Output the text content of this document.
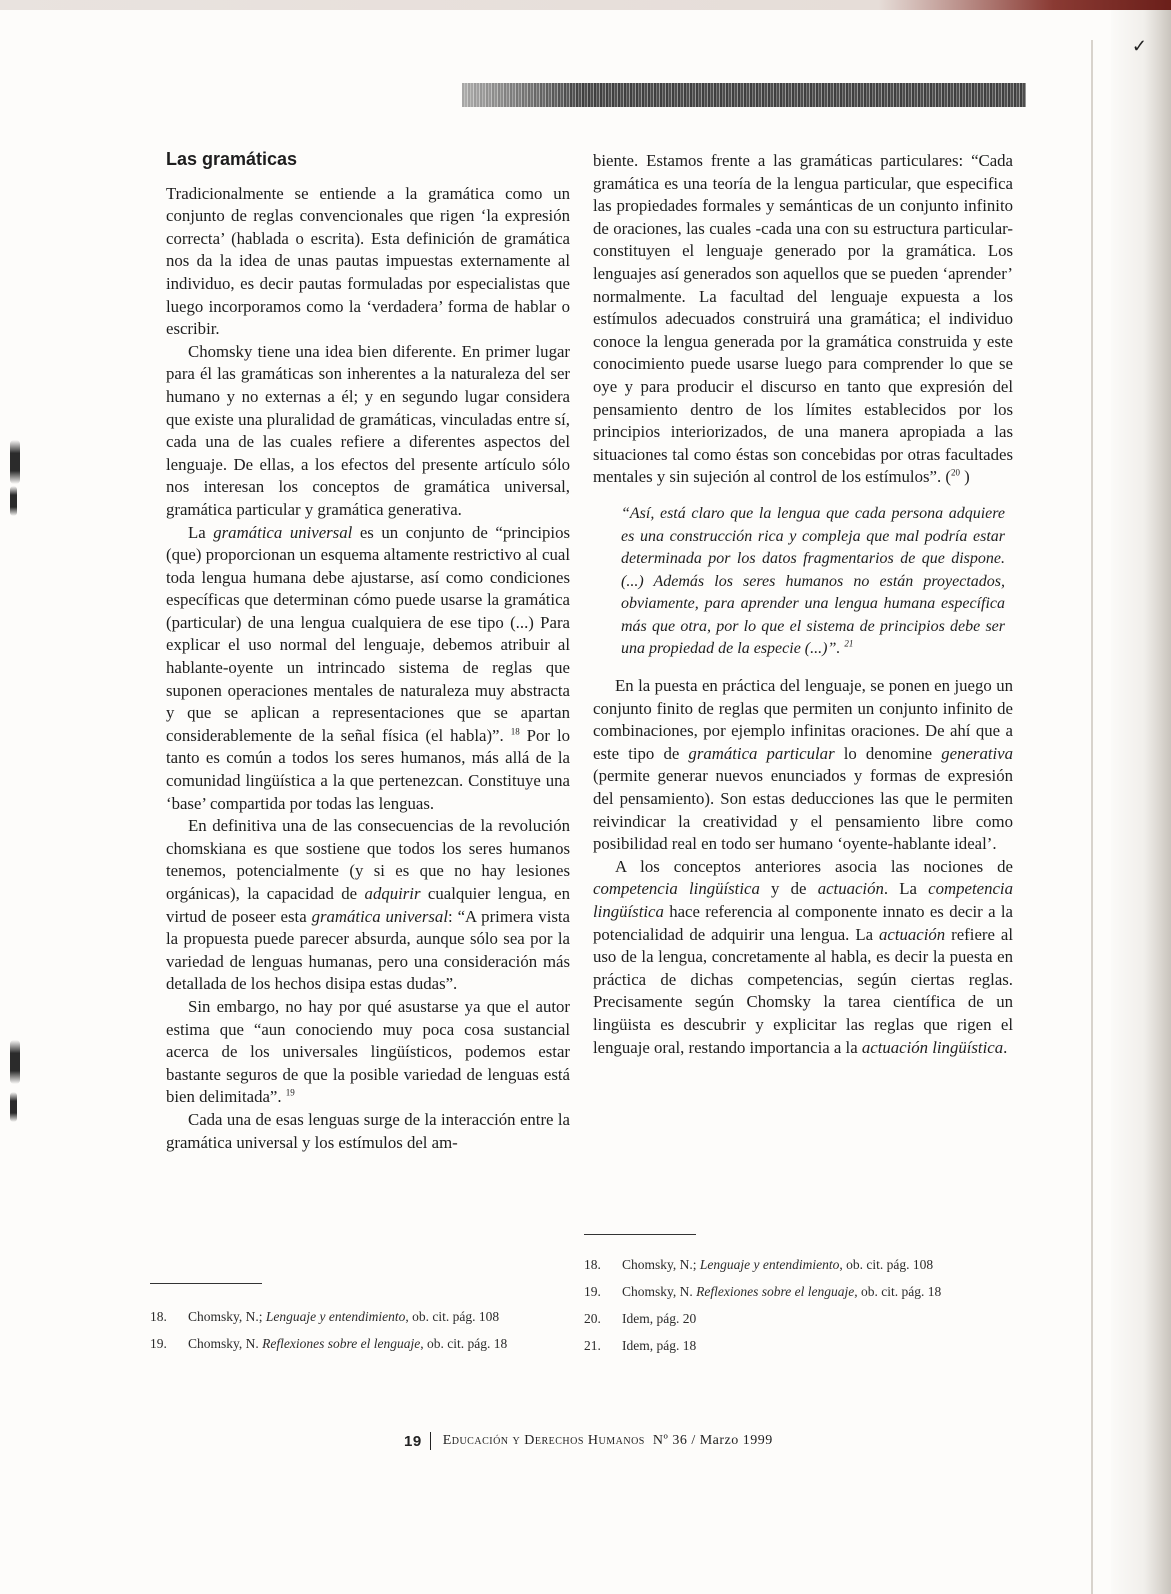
✓
Las gramáticas

Tradicionalmente se entiende a la gramática como un conjunto de reglas convencionales que rigen ‘la expresión correcta’ (hablada o escrita). Esta definición de gramática nos da la idea de unas pautas impuestas externamente al individuo, es decir pautas formuladas por especialistas que luego incorporamos como la ‘verdadera’ forma de hablar o escribir.

Chomsky tiene una idea bien diferente. En primer lugar para él las gramáticas son inherentes a la naturaleza del ser humano y no externas a él; y en segundo lugar considera que existe una pluralidad de gramáticas, vinculadas entre sí, cada una de las cuales refiere a diferentes aspectos del lenguaje. De ellas, a los efectos del presente artículo sólo nos interesan los conceptos de gramática universal, gramática particular y gramática generativa.

La gramática universal es un conjunto de “principios (que) proporcionan un esquema altamente restrictivo al cual toda lengua humana debe ajustarse, así como condiciones específicas que determinan cómo puede usarse la gramática (particular) de una lengua cualquiera de ese tipo (...) Para explicar el uso normal del lenguaje, debemos atribuir al hablante-oyente un intrincado sistema de reglas que suponen operaciones mentales de naturaleza muy abstracta y que se aplican a representaciones que se apartan considerablemente de la señal física (el habla)”. $^{18}$ Por lo tanto es común a todos los seres humanos, más allá de la comunidad lingüística a la que pertenezcan. Constituye una ‘base’ compartida por todas las lenguas.

En definitiva una de las consecuencias de la revolución chomskiana es que sostiene que todos los seres humanos tenemos, potencialmente (y si es que no hay lesiones orgánicas), la capacidad de adquirir cualquier lengua, en virtud de poseer esta gramática universal: “A primera vista la propuesta puede parecer absurda, aunque sólo sea por la variedad de lenguas humanas, pero una consideración más detallada de los hechos disipa estas dudas”.

Sin embargo, no hay por qué asustarse ya que el autor estima que “aun conociendo muy poca cosa sustancial acerca de los universales lingüísticos, podemos estar bastante seguros de que la posible variedad de lenguas está bien delimitada”. $^{19}$

Cada una de esas lenguas surge de la interacción entre la gramática universal y los estímulos del am-

biente. Estamos frente a las gramáticas particulares: “Cada gramática es una teoría de la lengua particular, que especifica las propiedades formales y semánticas de un conjunto infinito de oraciones, las cuales -cada una con su estructura particular- constituyen el lenguaje generado por la gramática. Los lenguajes así generados son aquellos que se pueden ‘aprender’ normalmente. La facultad del lenguaje expuesta a los estímulos adecuados construirá una gramática; el individuo conoce la lengua generada por la gramática construida y este conocimiento puede usarse luego para comprender lo que se oye y para producir el discurso en tanto que expresión del pensamiento dentro de los límites establecidos por los principios interiorizados, de una manera apropiada a las situaciones tal como éstas son concebidas por otras facultades mentales y sin sujeción al control de los estímulos”. ($^{20}$ )

“Así, está claro que la lengua que cada persona adquiere es una construcción rica y compleja que mal podría estar determinada por los datos fragmentarios de que dispone.(...) Además los seres humanos no están proyectados, obviamente, para aprender una lengua humana específica más que otra, por lo que el sistema de principios debe ser una propiedad de la especie (...)”. $^{21}$

En la puesta en práctica del lenguaje, se ponen en juego un conjunto finito de reglas que permiten un conjunto infinito de combinaciones, por ejemplo infinitas oraciones. De ahí que a este tipo de gramática particular lo denomine generativa (permite generar nuevos enunciados y formas de expresión del pensamiento). Son estas deducciones las que le permiten reivindicar la creatividad y el pensamiento libre como posibilidad real en todo ser humano ‘oyente-hablante ideal’.

A los conceptos anteriores asocia las nociones de competencia lingüística y de actuación. La competencia lingüística hace referencia al componente innato es decir a la potencialidad de adquirir una lengua. La actuación refiere al uso de la lengua, concretamente al habla, es decir la puesta en práctica de dichas competencias, según ciertas reglas. Precisamente según Chomsky la tarea científica de un lingüista es descubrir y explicitar las reglas que rigen el lenguaje oral, restando importancia a la actuación lingüística.

18.	Chomsky, N.; Lenguaje y entendimiento, ob. cit. pág. 108
19.	Chomsky, N. Reflexiones sobre el lenguaje, ob. cit. pág. 18
18.	Chomsky, N.; Lenguaje y entendimiento, ob. cit. pág. 108
19.	Chomsky, N. Reflexiones sobre el lenguaje, ob. cit. pág. 18
20.	Idem, pág. 20
21.	Idem, pág. 18
19 Educación y Derechos Humanos Nº 36 / Marzo 1999
